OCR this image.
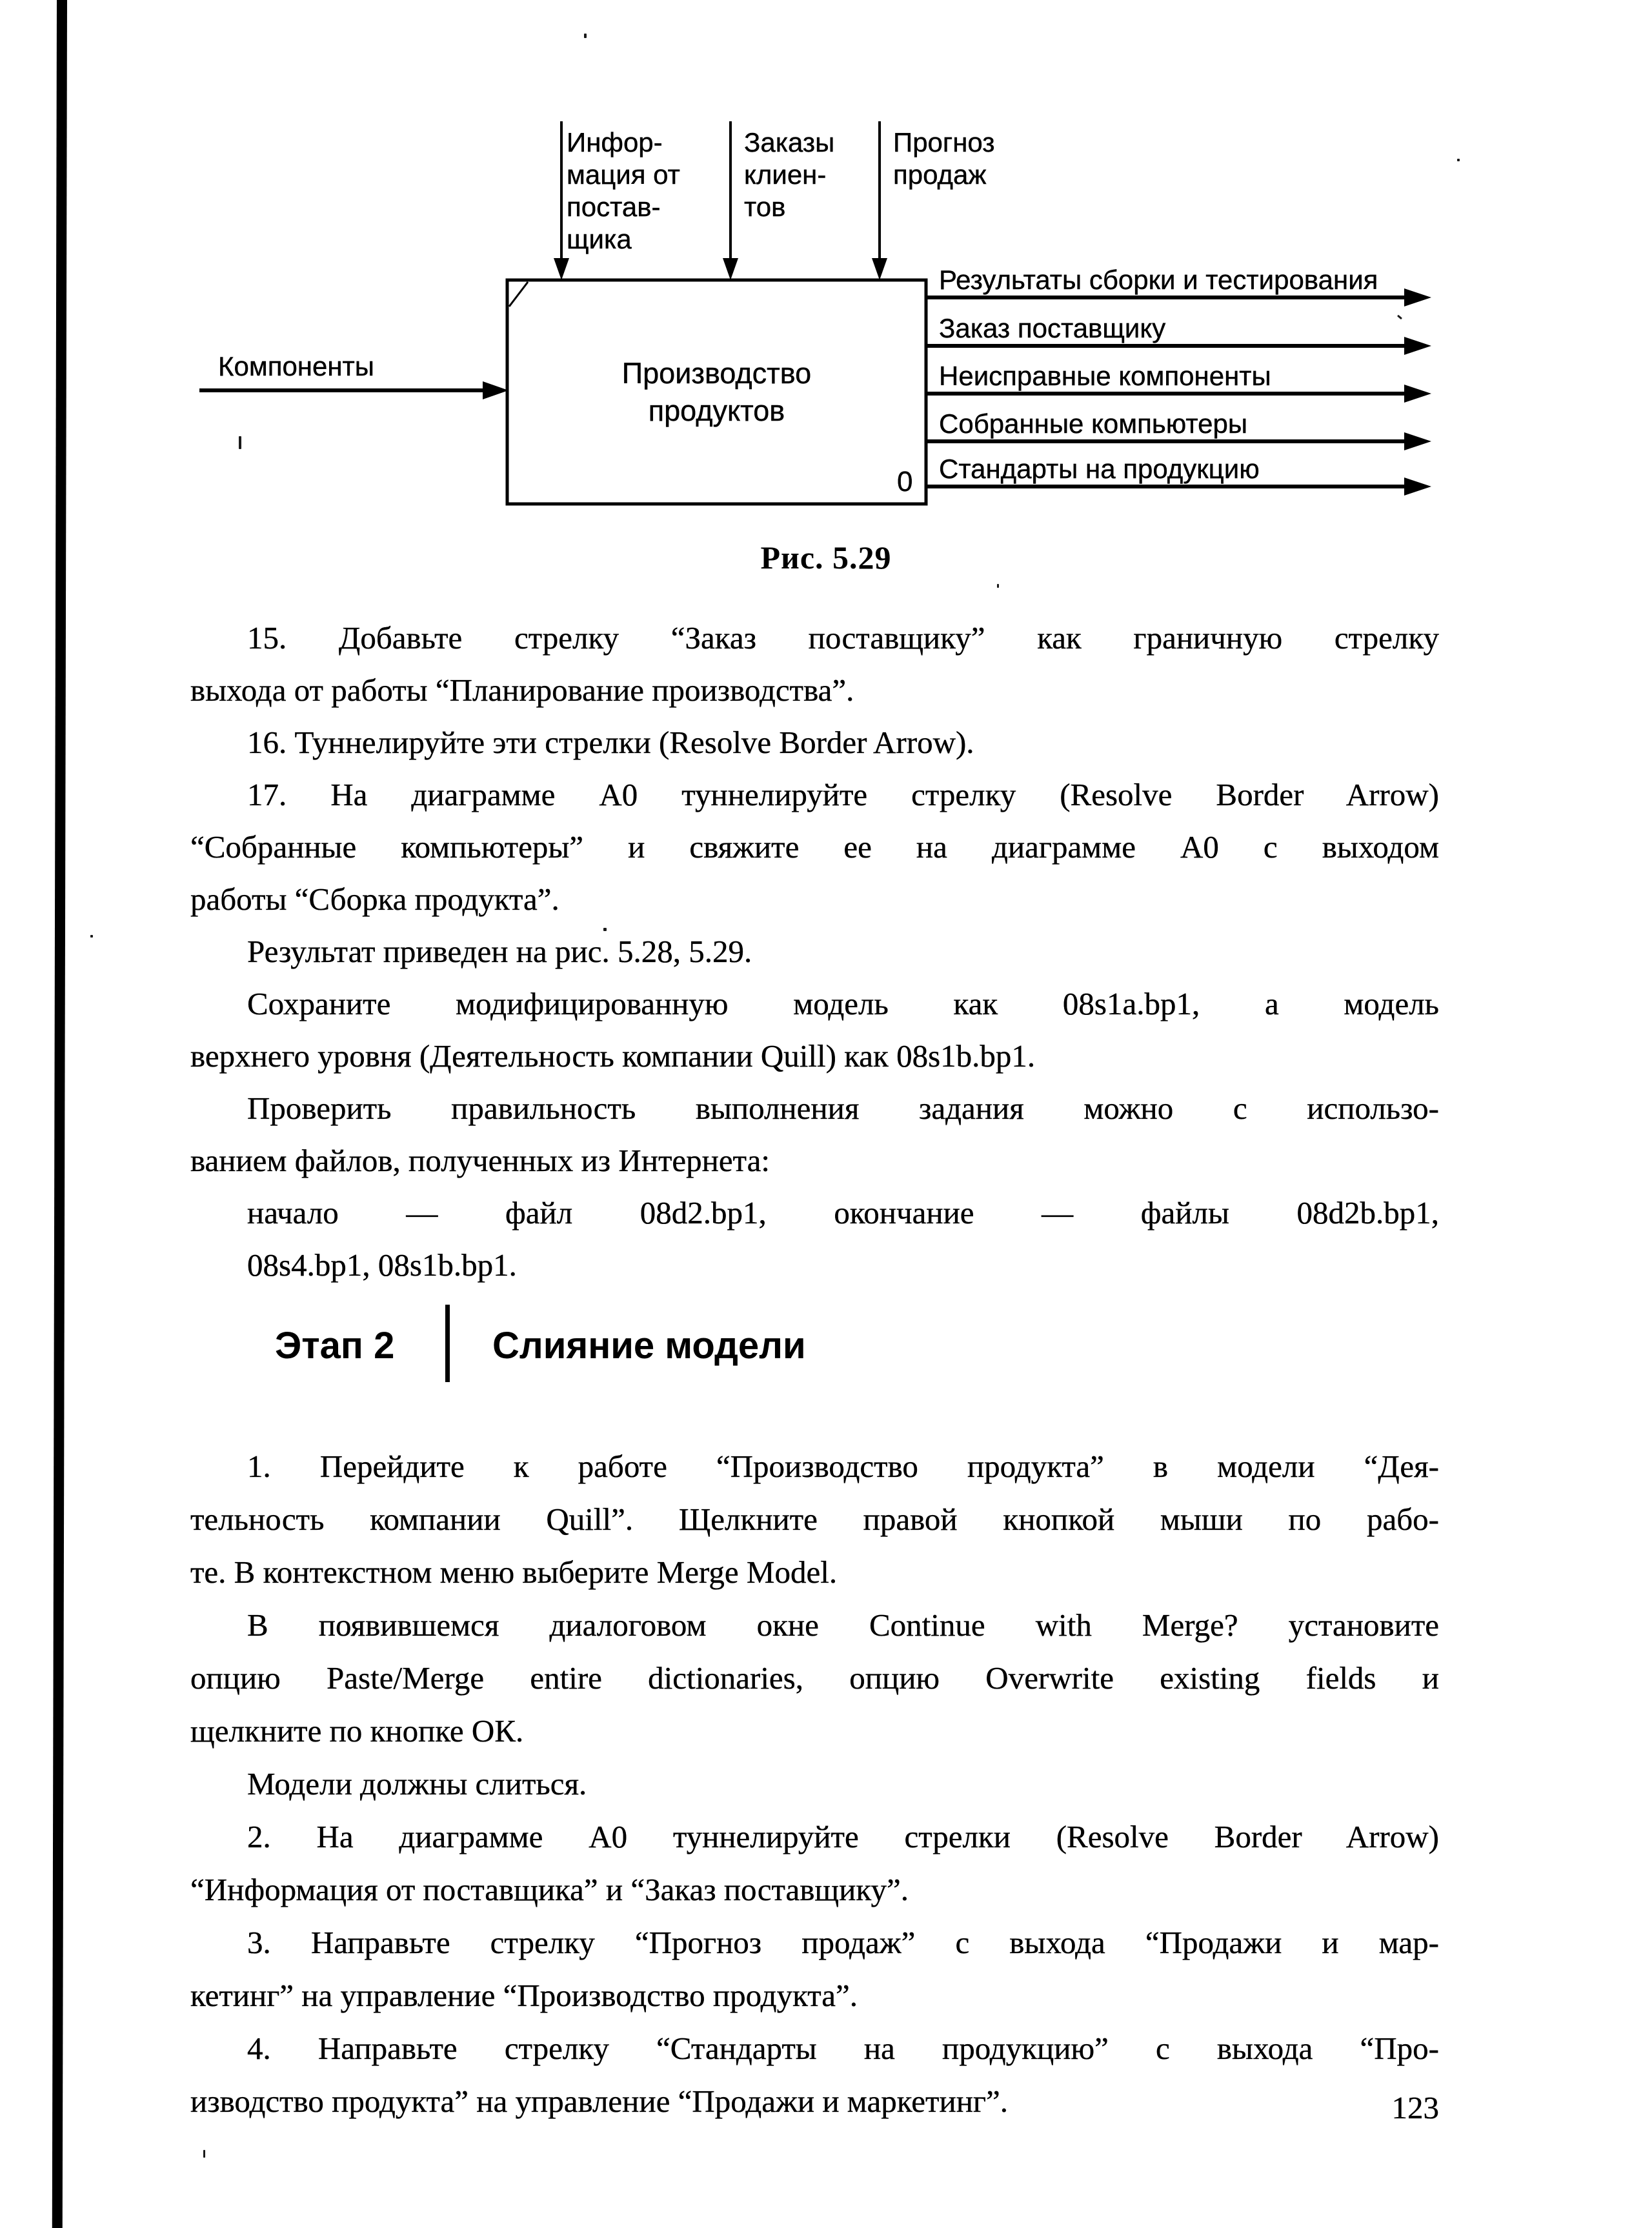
Инфор-
мация от
постав-
щика
Заказы
клиен-
тов
Прогноз
продаж
Компоненты	Производство
продуктов
0
Результаты сборки и тестирования
Заказ поставщику
Неисправные компоненты
Собранные компьютеры
Стандарты на продукцию
Рис. 5.29
15. Добавьте стрелку “Заказ поставщику” как граничную стрелку
выхода от работы “Планирование производства”.
16. Туннелируйте эти стрелки (Resolve Border Arrow).
17. На диаграмме А0 туннелируйте стрелку (Resolve Border Arrow)
“Собранные компьютеры” и свяжите ее на диаграмме А0 с выходом
работы “Сборка продукта”.
Результат приведен на рис. 5.28, 5.29.
Сохраните модифицированную модель как 08s1a.bp1, а модель
верхнего уровня (Деятельность компании Quill) как 08s1b.bp1.
Проверить правильность выполнения задания можно с использо-
ванием файлов, полученных из Интернета:
начало — файл 08d2.bp1, окончание — файлы 08d2b.bp1,
08s4.bp1, 08s1b.bp1.
Этап 2	Слияние модели
1. Перейдите к работе “Производство продукта” в модели “Дея-
тельность компании Quill”. Щелкните правой кнопкой мыши по рабо-
те. В контекстном меню выберите Merge Model.
В появившемся диалоговом окне Continue with Merge? установите
опцию Paste/Merge entire dictionaries, опцию Overwrite existing fields и
щелкните по кнопке ОК.
Модели должны слиться.
2. На диаграмме А0 туннелируйте стрелки (Resolve Border Arrow)
“Информация от поставщика” и “Заказ поставщику”.
3. Направьте стрелку “Прогноз продаж” с выхода “Продажи и мар-
кетинг” на управление “Производство продукта”.
4. Направьте стрелку “Стандарты на продукцию” с выхода “Про-
изводство продукта” на управление “Продажи и маркетинг”.	123
